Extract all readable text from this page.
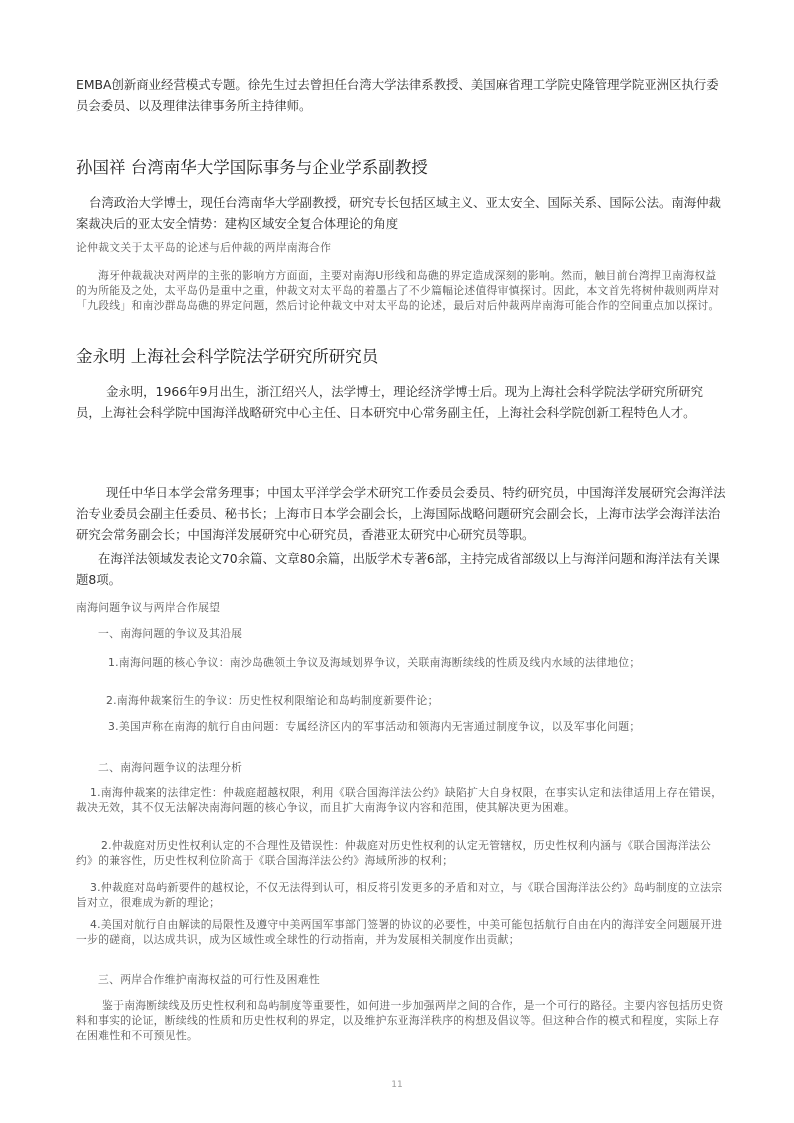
EMBA创新商业经营模式专题。徐先生过去曾担任台湾大学法律系教授、美国麻省理工学院史隆管理学院亚洲区执行委员会委员、以及理律法律事务所主持律师。

孙国祥 台湾南华大学国际事务与企业学系副教授

台湾政治大学博士，现任台湾南华大学副教授，研究专长包括区域主义、亚太安全、国际关系、国际公法。南海仲裁案裁决后的亚太安全情势：建构区域安全复合体理论的角度

论仲裁文关于太平岛的论述与后仲裁的两岸南海合作

海牙仲裁裁决对两岸的主张的影响方方面面，主要对南海U形线和岛礁的界定造成深刻的影响。然而，触目前台湾捍卫南海权益的为所能及之处，太平岛仍是重中之重，仲裁文对太平岛的着墨占了不少篇幅论述值得审慎探讨。因此，本文首先将树仲裁则两岸对「九段线」和南沙群岛岛礁的界定问题，然后讨论仲裁文中对太平岛的论述，最后对后仲裁两岸南海可能合作的空间重点加以探讨。

金永明 上海社会科学院法学研究所研究员

金永明，1966年9月出生，浙江绍兴人，法学博士，理论经济学博士后。现为上海社会科学院法学研究所研究员，上海社会科学院中国海洋战略研究中心主任、日本研究中心常务副主任，上海社会科学院创新工程特色人才。

现任中华日本学会常务理事；中国太平洋学会学术研究工作委员会委员、特约研究员，中国海洋发展研究会海洋法治专业委员会副主任委员、秘书长；上海市日本学会副会长，上海国际战略问题研究会副会长，上海市法学会海洋法治研究会常务副会长；中国海洋发展研究中心研究员，香港亚太研究中心研究员等职。

在海洋法领域发表论文70余篇、文章80余篇，出版学术专著6部，主持完成省部级以上与海洋问题和海洋法有关课题8项。

南海问题争议与两岸合作展望

一、南海问题的争议及其沿展

1.南海问题的核心争议：南沙岛礁领土争议及海域划界争议，关联南海断续线的性质及线内水域的法律地位；

2.南海仲裁案衍生的争议：历史性权利限缩论和岛屿制度新要件论；

3.美国声称在南海的航行自由问题：专属经济区内的军事活动和领海内无害通过制度争议，以及军事化问题；

二、南海问题争议的法理分析

1.南海仲裁案的法律定性：仲裁庭超越权限，利用《联合国海洋法公约》缺陷扩大自身权限，在事实认定和法律适用上存在错误，裁决无效，其不仅无法解决南海问题的核心争议，而且扩大南海争议内容和范围，使其解决更为困难。

2.仲裁庭对历史性权利认定的不合理性及错误性：仲裁庭对历史性权利的认定无管辖权，历史性权利内涵与《联合国海洋法公约》的兼容性，历史性权利位阶高于《联合国海洋法公约》海域所涉的权利；

3.仲裁庭对岛屿新要件的越权论，不仅无法得到认可，相反将引发更多的矛盾和对立，与《联合国海洋法公约》岛屿制度的立法宗旨对立，很难成为新的理论；

4.美国对航行自由解读的局限性及遵守中美两国军事部门签署的协议的必要性，中美可能包括航行自由在内的海洋安全问题展开进一步的磋商，以达成共识，成为区域性或全球性的行动指南，并为发展相关制度作出贡献；

三、两岸合作维护南海权益的可行性及困难性

鉴于南海断续线及历史性权利和岛屿制度等重要性，如何进一步加强两岸之间的合作，是一个可行的路径。主要内容包括历史资料和事实的论证，断续线的性质和历史性权利的界定，以及维护东亚海洋秩序的构想及倡议等。但这种合作的模式和程度，实际上存在困难性和不可预见性。

11
